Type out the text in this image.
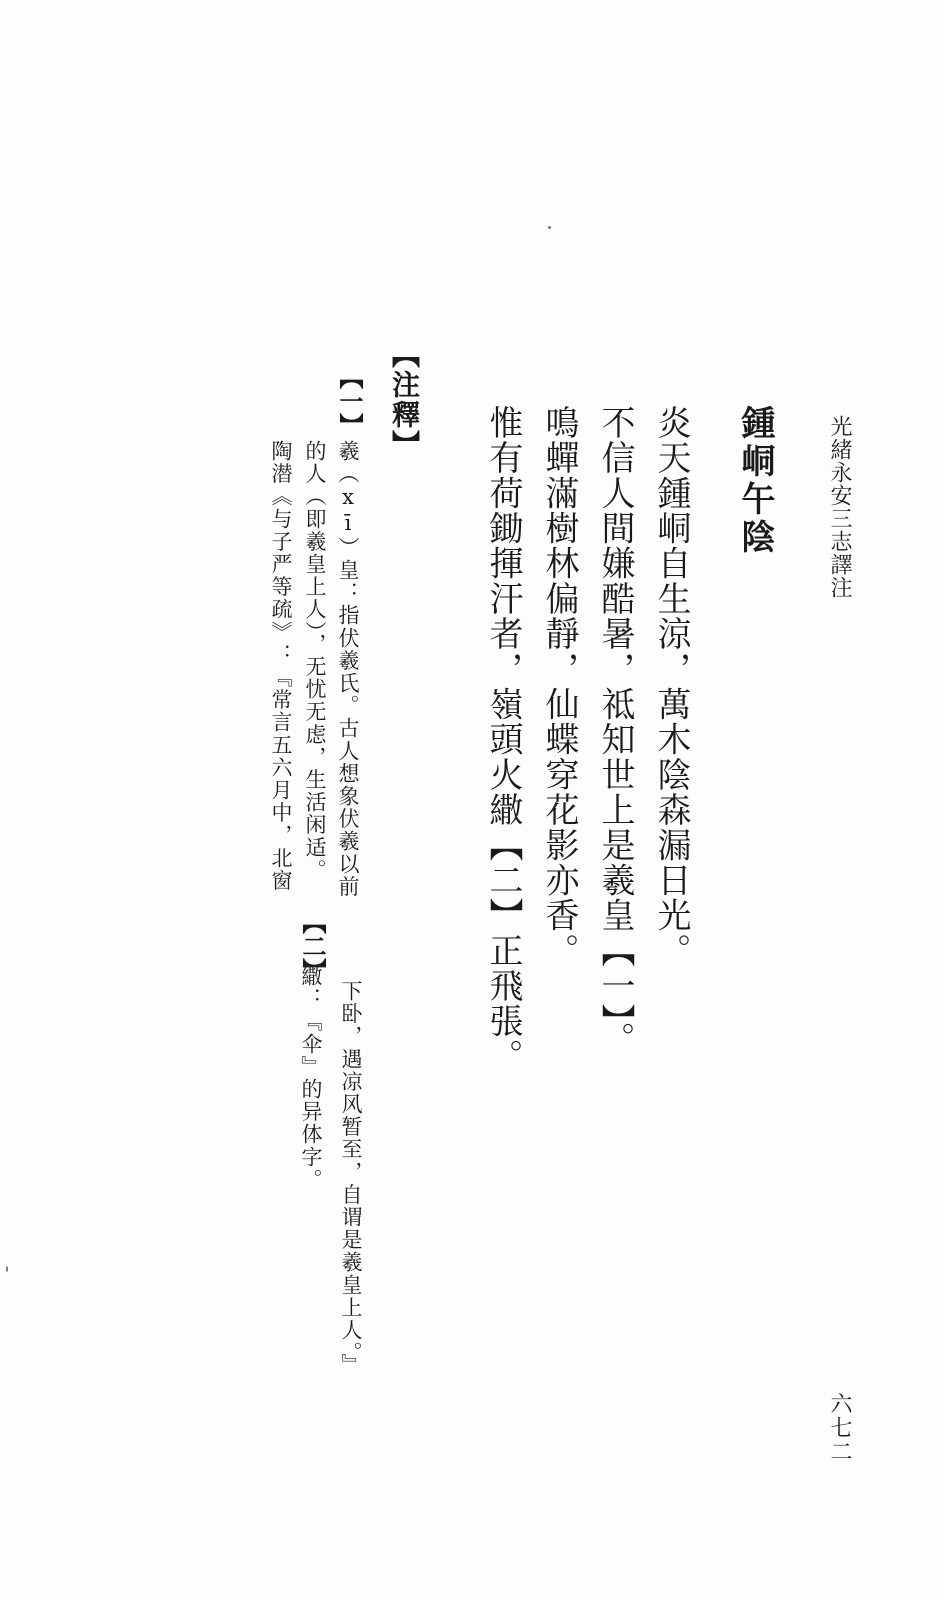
光緒永安三志譯注
六七二
鍾峒午陰
炎天鍾峒自生涼，萬木陰森漏日光。
不信人間嫌酷暑，祗知世上是羲皇【一】。
鳴蟬滿樹林偏靜，仙蝶穿花影亦香。
惟有荷鋤揮汗者，嶺頭火繖【二】正飛張。
【注釋】
【一】
羲（xī）皇：指伏羲氏。古人想象伏羲以前
的人（即羲皇上人），无忧无虑，生活闲适。
陶潜《与子严等疏》：『常言五六月中，北窗
下卧，遇凉风暂至，自谓是羲皇上人。』
【二】
繖：『伞』的异体字。
